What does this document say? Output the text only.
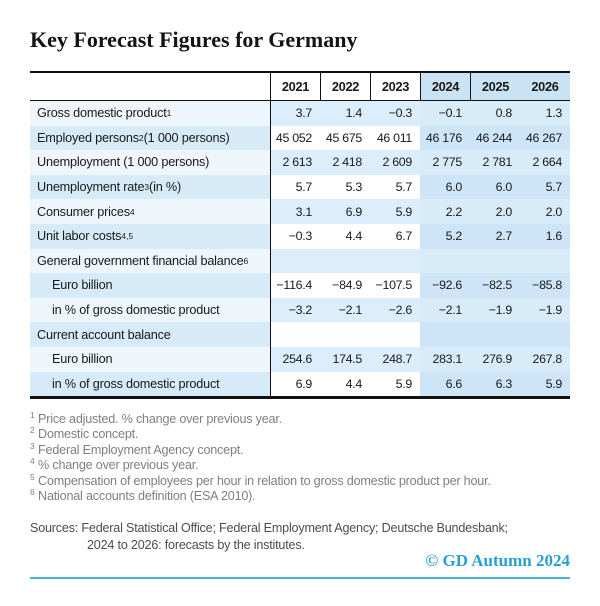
Key Forecast Figures for Germany
2021	2022	2023	2024	2025	2026
Gross domestic product 1	3.7	1.4	−0.3	−0.1	0.8	1.3
Employed persons 2 (1 000 persons)	45 052	45 675	46 011	46 176	46 244	46 267
Unemployment (1 000 persons)	2 613	2 418	2 609	2 775	2 781	2 664
Unemployment rate 3 (in %)	5.7	5.3	5.7	6.0	6.0	5.7
Consumer prices 4	3.1	6.9	5.9	2.2	2.0	2.0
Unit labor costs 4,5	−0.3	4.4	6.7	5.2	2.7	1.6
General government financial balance 6
Euro billion	−116.4	−84.9	−107.5	−92.6	−82.5	−85.8
in % of gross domestic product	−3.2	−2.1	−2.6	−2.1	−1.9	−1.9
Current account balance
Euro billion	254.6	174.5	248.7	283.1	276.9	267.8
in % of gross domestic product	6.9	4.4	5.9	6.6	6.3	5.9
$^1$ Price adjusted. % change over previous year.
$^2$ Domestic concept.
$^3$ Federal Employment Agency concept.
$^4$ % change over previous year.
$^5$ Compensation of employees per hour in relation to gross domestic product per hour.
$^6$ National accounts definition (ESA 2010).
Sources: Federal Statistical Office; Federal Employment Agency; Deutsche Bundesbank;
2024 to 2026: forecasts by the institutes.
© GD Autumn 2024
